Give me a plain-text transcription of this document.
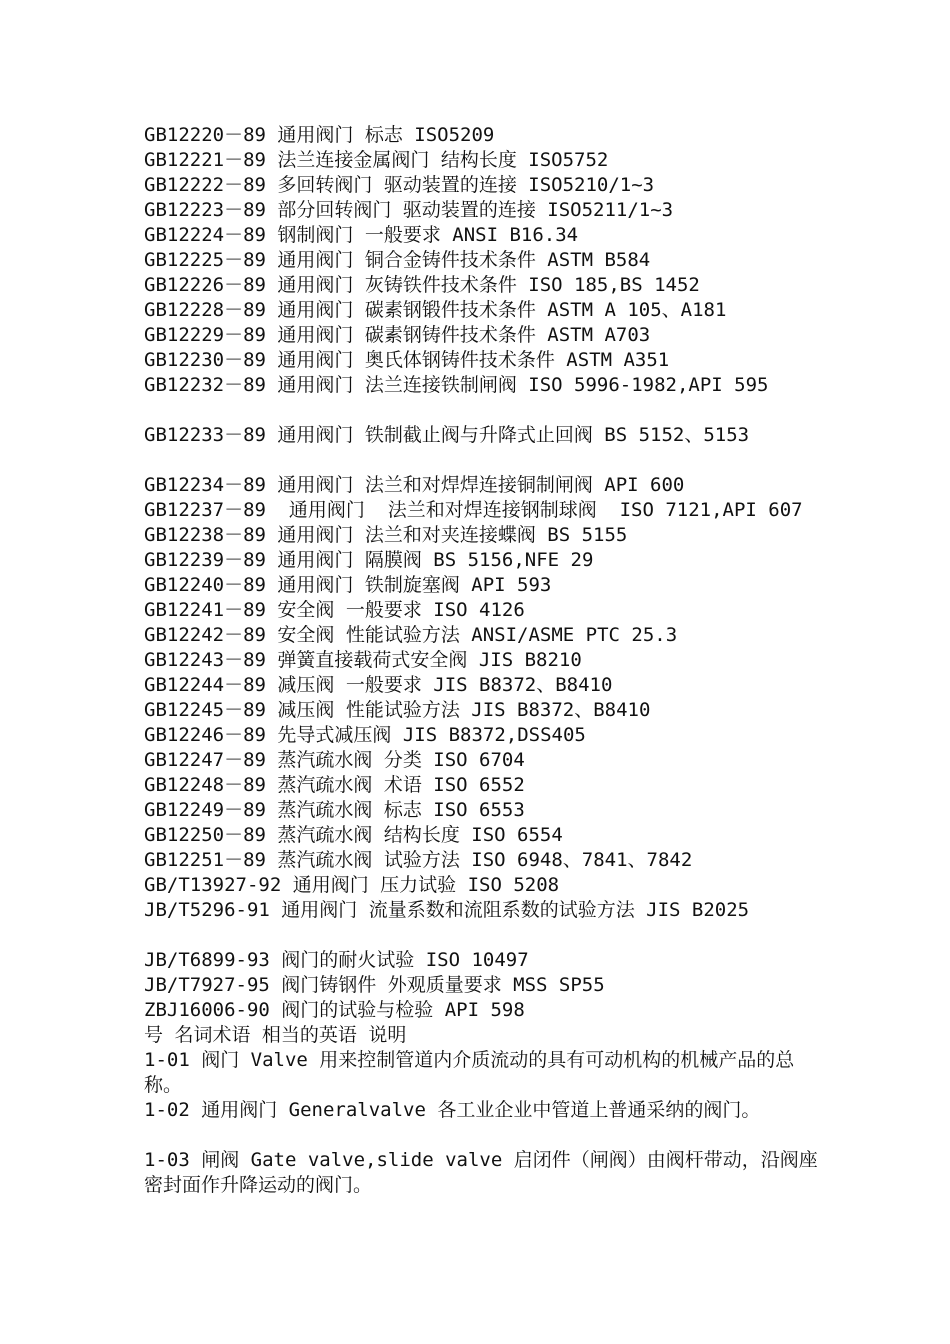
GB12220－89 通用阀门 标志 ISO5209
GB12221－89 法兰连接金属阀门 结构长度 ISO5752
GB12222－89 多回转阀门 驱动装置的连接 ISO5210/1~3
GB12223－89 部分回转阀门 驱动装置的连接 ISO5211/1~3
GB12224－89 钢制阀门 一般要求 ANSI B16.34
GB12225－89 通用阀门 铜合金铸件技术条件 ASTM B584
GB12226－89 通用阀门 灰铸铁件技术条件 ISO 185,BS 1452
GB12228－89 通用阀门 碳素钢锻件技术条件 ASTM A 105、A181
GB12229－89 通用阀门 碳素钢铸件技术条件 ASTM A703
GB12230－89 通用阀门 奥氏体钢铸件技术条件 ASTM A351
GB12232－89 通用阀门 法兰连接铁制闸阀 ISO 5996-1982,API 595
GB12233－89 通用阀门 铁制截止阀与升降式止回阀 BS 5152、5153
GB12234－89 通用阀门 法兰和对焊焊连接铜制闸阀 API 600
GB12237－89  通用阀门  法兰和对焊连接钢制球阀  ISO 7121,API 607
GB12238－89 通用阀门 法兰和对夹连接蝶阀 BS 5155
GB12239－89 通用阀门 隔膜阀 BS 5156,NFE 29
GB12240－89 通用阀门 铁制旋塞阀 API 593
GB12241－89 安全阀 一般要求 ISO 4126
GB12242－89 安全阀 性能试验方法 ANSI/ASME PTC 25.3
GB12243－89 弹簧直接载荷式安全阀 JIS B8210
GB12244－89 减压阀 一般要求 JIS B8372、B8410
GB12245－89 减压阀 性能试验方法 JIS B8372、B8410
GB12246－89 先导式减压阀 JIS B8372,DSS405
GB12247－89 蒸汽疏水阀 分类 ISO 6704
GB12248－89 蒸汽疏水阀 术语 ISO 6552
GB12249－89 蒸汽疏水阀 标志 ISO 6553
GB12250－89 蒸汽疏水阀 结构长度 ISO 6554
GB12251－89 蒸汽疏水阀 试验方法 ISO 6948、7841、7842
GB/T13927-92 通用阀门 压力试验 ISO 5208
JB/T5296-91 通用阀门 流量系数和流阻系数的试验方法 JIS B2025
JB/T6899-93 阀门的耐火试验 ISO 10497
JB/T7927-95 阀门铸钢件 外观质量要求 MSS SP55
ZBJ16006-90 阀门的试验与检验 API 598
号 名词术语 相当的英语 说明
1-01 阀门 Valve 用来控制管道内介质流动的具有可动机构的机械产品的总称。
1-02 通用阀门 Generalvalve 各工业企业中管道上普通采纳的阀门。
1-03 闸阀 Gate valve,slide valve 启闭件（闸阀）由阀杆带动，沿阀座密封面作升降运动的阀门。
